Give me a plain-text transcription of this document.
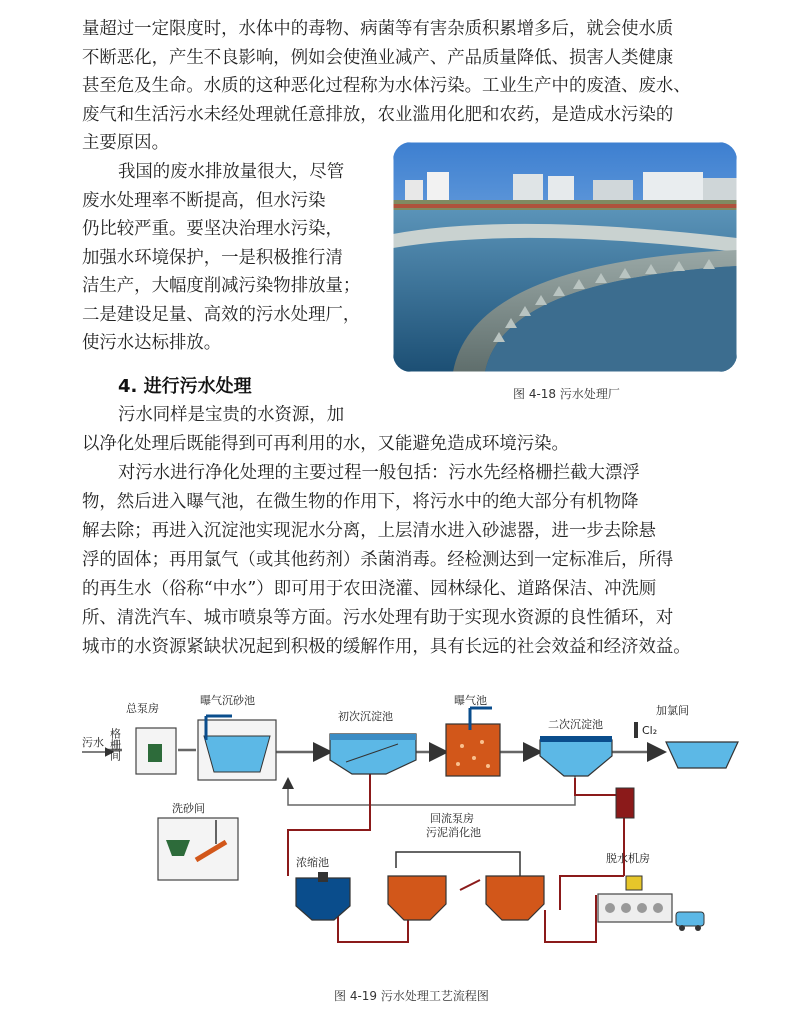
量超过一定限度时，水体中的毒物、病菌等有害杂质积累增多后，就会使水质
不断恶化，产生不良影响，例如会使渔业减产、产品质量降低、损害人类健康
甚至危及生命。水质的这种恶化过程称为水体污染。工业生产中的废渣、废水、
废气和生活污水未经处理就任意排放，农业滥用化肥和农药，是造成水污染的
主要原因。
我国的废水排放量很大，尽管
废水处理率不断提高，但水污染
仍比较严重。要坚决治理水污染，
加强水环境保护，一是积极推行清
洁生产，大幅度削减污染物排放量；
二是建设足量、高效的污水处理厂，
使污水达标排放。
4. 进行污水处理	图 4-18 污水处理厂
污水同样是宝贵的水资源，加
以净化处理后既能得到可再利用的水，又能避免造成环境污染。
对污水进行净化处理的主要过程一般包括：污水先经格栅拦截大漂浮
物，然后进入曝气池，在微生物的作用下，将污水中的绝大部分有机物降
解去除；再进入沉淀池实现泥水分离，上层清水进入砂滤器，进一步去除悬
浮的固体；再用氯气（或其他药剂）杀菌消毒。经检测达到一定标准后，所得
的再生水（俗称“中水”）即可用于农田浇灌、园林绿化、道路保洁、冲洗厕
所、清洗汽车、城市喷泉等方面。污水处理有助于实现水资源的良性循环，对
城市的水资源紧缺状况起到积极的缓解作用，具有长远的社会效益和经济效益。
污水 格栅间
总泵房
曝气沉砂池
初次沉淀池
曝气池
二次沉淀池
加氯间
Cl₂
回流泵房
洗砂间
浓缩池
污泥消化池
脱水机房
图 4-19 污水处理工艺流程图
